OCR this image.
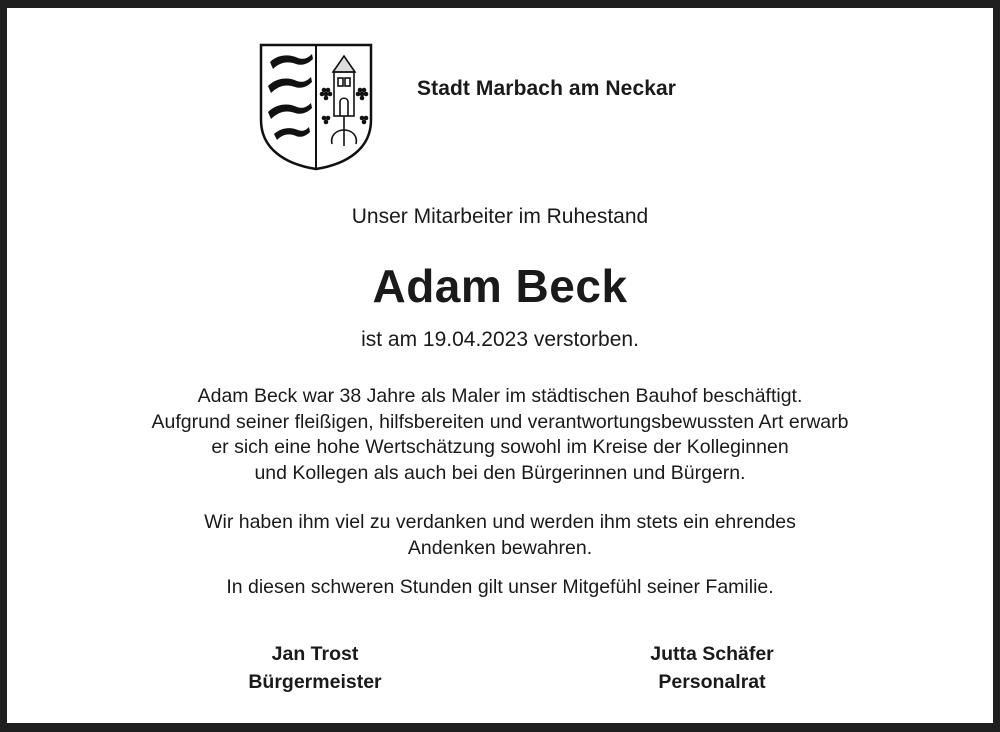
Stadt Marbach am Neckar
Unser Mitarbeiter im Ruhestand
Adam Beck
ist am 19.04.2023 verstorben.
Adam Beck war 38 Jahre als Maler im städtischen Bauhof beschäftigt.
Aufgrund seiner fleißigen, hilfsbereiten und verantwortungsbewussten Art erwarb
er sich eine hohe Wertschätzung sowohl im Kreise der Kolleginnen
und Kollegen als auch bei den Bürgerinnen und Bürgern.
Wir haben ihm viel zu verdanken und werden ihm stets ein ehrendes
Andenken bewahren.
In diesen schweren Stunden gilt unser Mitgefühl seiner Familie.
Jan Trost
Bürgermeister
Jutta Schäfer
Personalrat
